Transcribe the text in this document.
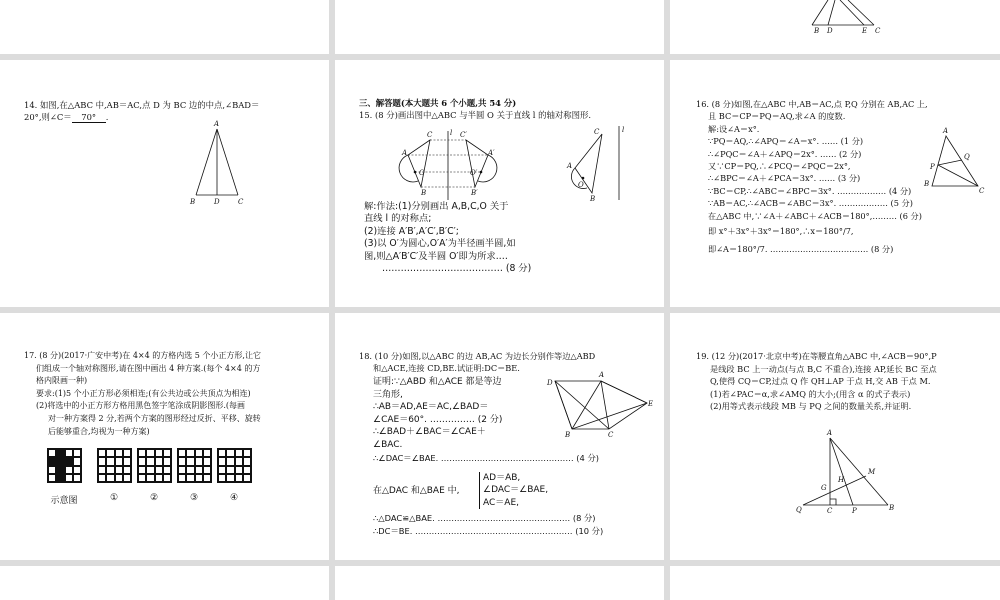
B D	E C
14. 如图,在△ABC 中,AB＝AC,点 D 为 BC 边的中点,∠BAD＝
20°,则∠C＝ 70° .
A
B	D	C
三、解答题(本大题共 6 个小题,共 54 分)
15. (8 分)画出图中△ABC 与半圆 O 关于直线 l 的轴对称图形.
C	l C′
A	A′
O	O′
B	B′
C	l
A
O
B
解:作法:(1)分别画出 A,B,C,O 关于
直线 l 的对称点;
(2)连接 A′B′,A′C′,B′C′;
(3)以 O′为圆心,O′A′为半径画半圆,如
图,则△A′B′C′及半圆 O′即为所求.…
………………………………… (8 分)
16. (8 分)如图,在△ABC 中,AB＝AC,点 P,Q 分别在 AB,AC 上,
且 BC＝CP＝PQ＝AQ,求∠A 的度数.
解:设∠A＝x°.
∵PQ＝AQ,∴∠APQ＝∠A＝x°. …… (1 分)
∴∠PQC＝∠A＋∠APQ＝2x°. …… (2 分)
又∵CP＝PQ,∴∠PCQ＝∠PQC＝2x°,
∴∠BPC＝∠A＋∠PCA＝3x°. …… (3 分)
∵BC＝CP,∴∠ABC＝∠BPC＝3x°. ……………… (4 分)
∵AB＝AC,∴∠ACB＝∠ABC＝3x°. ……………… (5 分)
在△ABC 中,∵∠A＋∠ABC＋∠ACB＝180°,……… (6 分)
即 x°＋3x°＋3x°＝180°,∴x＝180°/7,
即∠A＝180°/7. ……………………………… (8 分)
A
Q
P
B
C
17. (8 分)(2017·广安中考)在 4×4 的方格内选 5 个小正方形,让它
们组成一个轴对称图形,请在图中画出 4 种方案.(每个 4×4 的方
格内限画一种)
要求:(1)5 个小正方形必须相连;(有公共边或公共顶点为相连)
(2)将选中的小正方形方格用黑色签字笔涂成阴影图形.(每画
对一种方案得 2 分,若两个方案的图形经过反折、平移、旋转
后能够重合,均视为一种方案)
示意图	①	②	③	④
18. (10 分)如图,以△ABC 的边 AB,AC 为边长分别作等边△ABD
和△ACE,连接 CD,BE.试证明:DC＝BE.
证明:∵△ABD 和△ACE 都是等边
三角形,
∴AB＝AD,AE＝AC,∠BAD＝
∠CAE＝60°. …………… (2 分)
∴∠BAD＋∠BAC＝∠CAE＋
∠BAC.
∴∠DAC＝∠BAE. ………………………………………… (4 分)
在△DAC 和△BAE 中,
AD＝AB,
∠DAC＝∠BAE,
AC＝AE,
∴△DAC≌△BAE. ………………………………………… (8 分)
∴DC＝BE. ………………………………………………… (10 分)
D
A
E
B	C
19. (12 分)(2017·北京中考)在等腰直角△ABC 中,∠ACB＝90°,P
是线段 BC 上一动点(与点 B,C 不重合),连接 AP,延长 BC 至点
Q,使得 CQ＝CP,过点 Q 作 QH⊥AP 于点 H,交 AB 于点 M.
(1)若∠PAC＝α,求∠AMQ 的大小;(用含 α 的式子表示)
(2)用等式表示线段 MB 与 PQ 之间的数量关系,并证明.
A
M
H
G
Q	C	P	B
